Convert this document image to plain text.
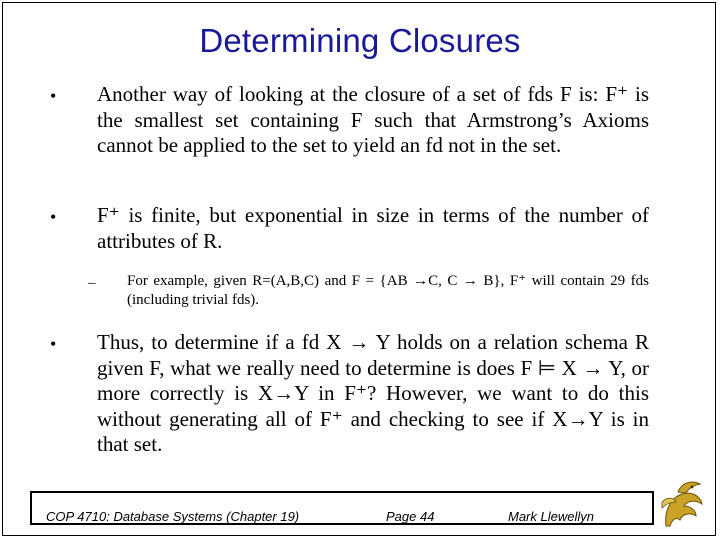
Determining Closures
• Another way of looking at the closure of a set of fds F is: F⁺ is the smallest set containing F such that Armstrong’s Axioms cannot be applied to the set to yield an fd not in the set.
• F⁺ is finite, but exponential in size in terms of the number of attributes of R.
– For example, given R=(A,B,C) and F = {AB →C, C → B}, F⁺ will contain 29 fds (including trivial fds).
• Thus, to determine if a fd X → Y holds on a relation schema R given F, what we really need to determine is does F ⊨ X → Y, or more correctly is X→Y in F⁺? However, we want to do this without generating all of F⁺ and checking to see if X→Y is in that set.
COP 4710: Database Systems (Chapter 19)	Page 44	Mark Llewellyn
